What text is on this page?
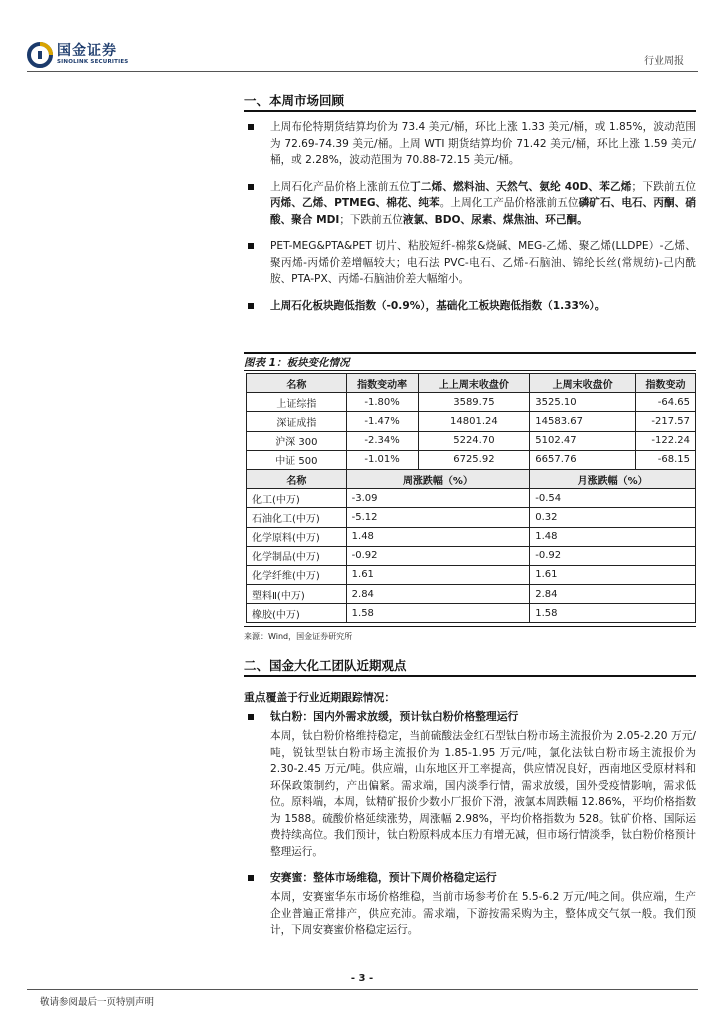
国金证券
SINOLINK SECURITIES	行业周报
一、本周市场回顾
上周布伦特期货结算均价为 73.4 美元/桶，环比上涨 1.33 美元/桶，或 1.85%，波动范围为 72.69-74.39 美元/桶。上周 WTI 期货结算均价 71.42 美元/桶，环比上涨 1.59 美元/桶，或 2.28%，波动范围为 70.88-72.15 美元/桶。
上周石化产品价格上涨前五位丁二烯、燃料油、天然气、氨纶 40D、苯乙烯；下跌前五位丙烯、乙烯、PTMEG、棉花、纯苯。上周化工产品价格涨前五位磷矿石、电石、丙酮、硝酸、聚合 MDI；下跌前五位液氯、BDO、尿素、煤焦油、环己酮。
PET-MEG&PTA&PET 切片、粘胶短纤-棉浆&烧碱、MEG-乙烯、聚乙烯(LLDPE）-乙烯、聚丙烯-丙烯价差增幅较大；电石法 PVC-电石、乙烯-石脑油、锦纶长丝(常规纺)-己内酰胺、PTA-PX、丙烯-石脑油价差大幅缩小。
上周石化板块跑低指数（-0.9%），基础化工板块跑低指数（1.33%）。
图表 1：板块变化情况
名称	指数变动率	上上周末收盘价	上周末收盘价	指数变动
上证综指	-1.80%	3589.75	3525.10	-64.65
深证成指	-1.47%	14801.24	14583.67	-217.57
沪深 300	-2.34%	5224.70	5102.47	-122.24
中证 500	-1.01%	6725.92	6657.76	-68.15
名称	周涨跌幅（%）		月涨跌幅（%）	
化工(中万)	-3.09		-0.54	
石油化工(中万)	-5.12		0.32	
化学原料(中万)	1.48		1.48	
化学制品(中万)	-0.92		-0.92	
化学纤维(中万)	1.61		1.61	
塑料Ⅱ(中万)	2.84		2.84	
橡胶(中万)	1.58		1.58	
来源：Wind，国金证券研究所
二、国金大化工团队近期观点
重点覆盖于行业近期跟踪情况：
钛白粉：国内外需求放缓，预计钛白粉价格整理运行
本周，钛白粉价格维持稳定，当前硫酸法金红石型钛白粉市场主流报价为 2.05-2.20 万元/吨，锐钛型钛白粉市场主流报价为 1.85-1.95 万元/吨，氯化法钛白粉市场主流报价为 2.30-2.45 万元/吨。供应端，山东地区开工率提高，供应情况良好，西南地区受原材料和环保政策制约，产出偏紧。需求端，国内淡季行情，需求放缓，国外受疫情影响，需求低位。原料端，本周，钛精矿报价少数小厂报价下滑，液氯本周跌幅 12.86%，平均价格指数为 1588。硫酸价格延续涨势，周涨幅 2.98%，平均价格指数为 528。钛矿价格、国际运费持续高位。我们预计，钛白粉原料成本压力有增无减，但市场行情淡季，钛白粉价格预计整理运行。
安赛蜜：整体市场维稳，预计下周价格稳定运行
本周，安赛蜜华东市场价格维稳，当前市场参考价在 5.5-6.2 万元/吨之间。供应端，生产企业普遍正常排产，供应充沛。需求端，下游按需采购为主，整体成交气氛一般。我们预计，下周安赛蜜价格稳定运行。
- 3 -
敬请参阅最后一页特别声明
